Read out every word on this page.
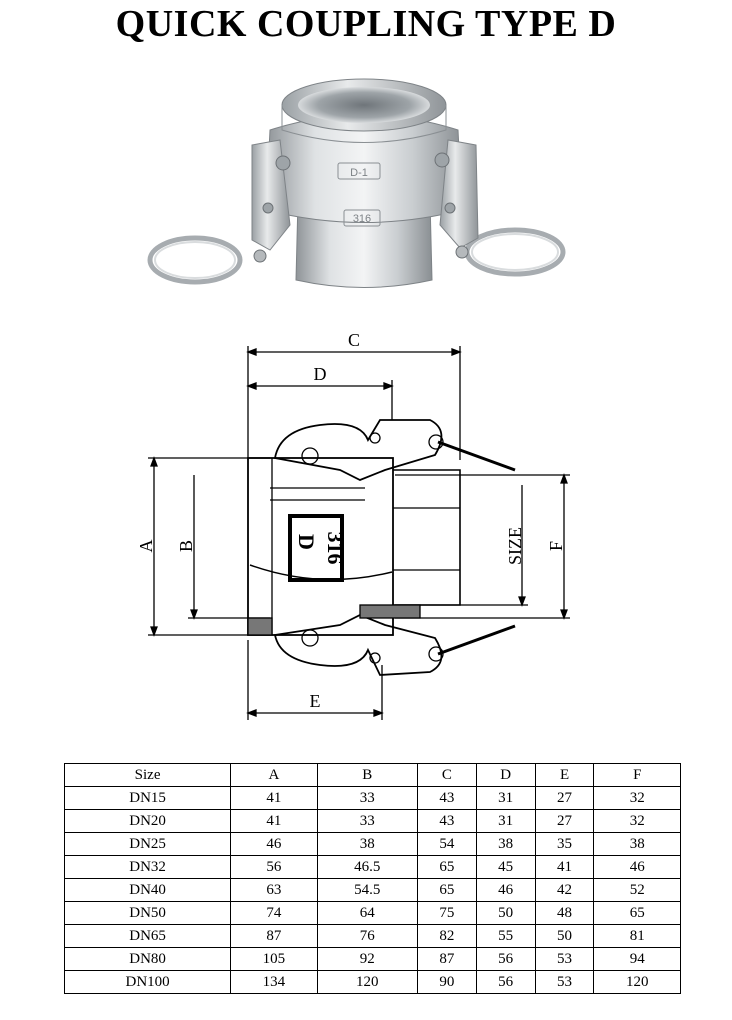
QUICK COUPLING TYPE D
D-1
316
D 316
C
D
A B	SIZE F
E
Size	A	B	C	D	E	F
DN15	41	33	43	31	27	32
DN20	41	33	43	31	27	32
DN25	46	38	54	38	35	38
DN32	56	46.5	65	45	41	46
DN40	63	54.5	65	46	42	52
DN50	74	64	75	50	48	65
DN65	87	76	82	55	50	81
DN80	105	92	87	56	53	94
DN100	134	120	90	56	53	120
